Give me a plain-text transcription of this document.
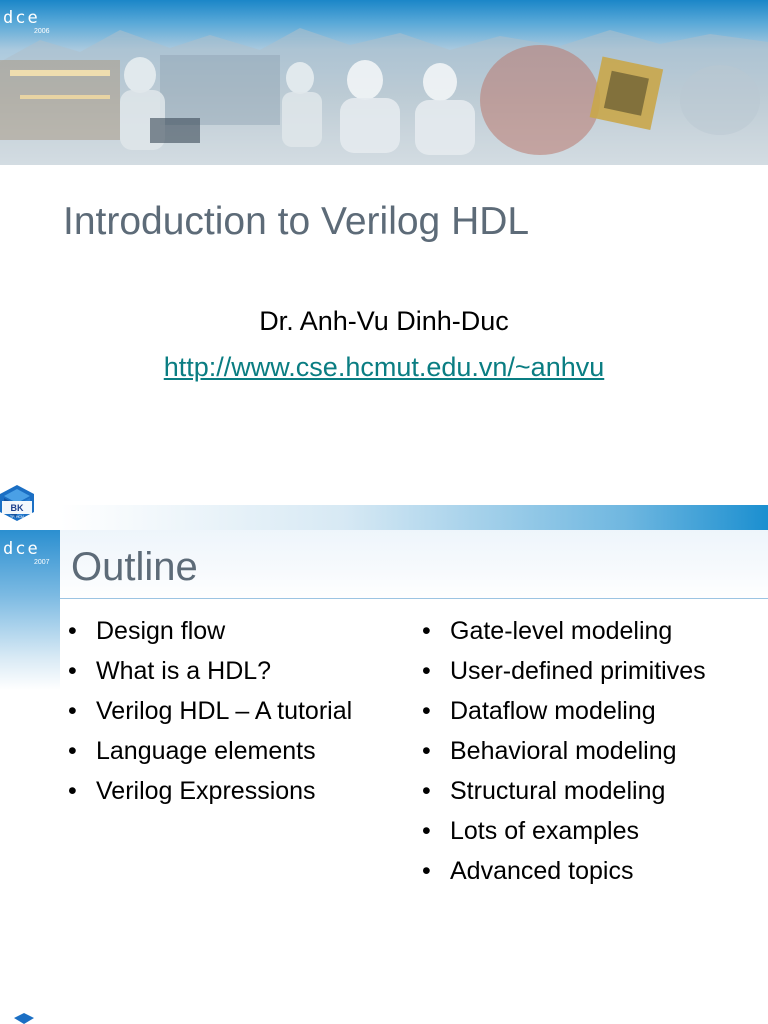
dce
2006
Introduction to Verilog HDL
Dr. Anh-Vu Dinh-Duc
http://www.cse.hcmut.edu.vn/~anhvu
dce
2007 Outline
• Design flow
• What is a HDL?
• Verilog HDL – A tutorial
• Language elements
• Verilog Expressions
• Gate-level modeling
• User-defined primitives
• Dataflow modeling
• Behavioral modeling
• Structural modeling
• Lots of examples
• Advanced topics
BK
TP. HCM
